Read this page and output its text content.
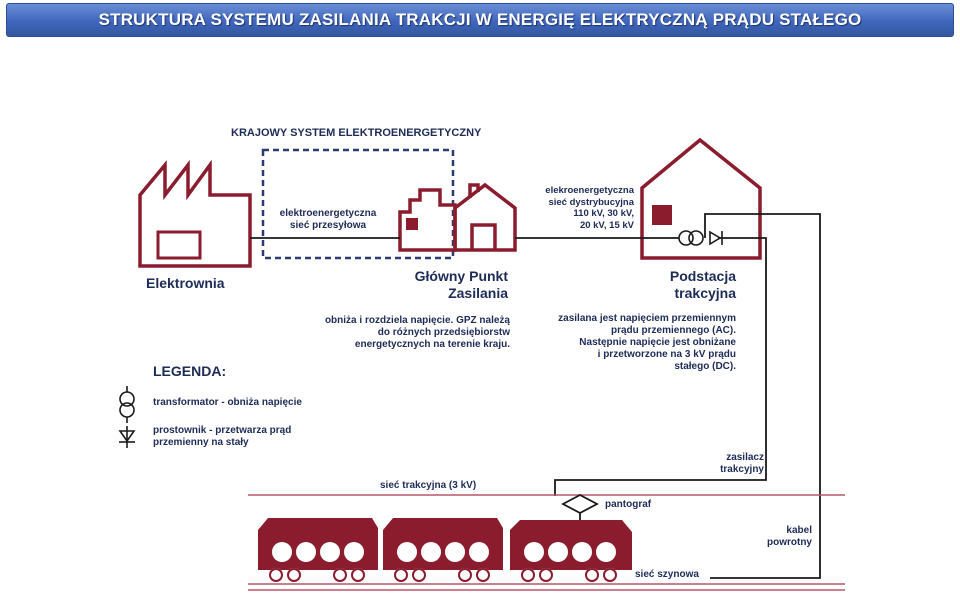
STRUKTURA SYSTEMU ZASILANIA TRAKCJI W ENERGIĘ ELEKTRYCZNĄ PRĄDU STAŁEGO
KRAJOWY SYSTEM ELEKTROENERGETYCZNY
elektroenergetyczna
sieć przesyłowa
elekroenergetyczna
sieć dystrybucyjna
110 kV, 30 kV,
20 kV, 15 kV
Elektrownia	Główny Punkt
Zasilania
obniża i rozdziela napięcie. GPZ należą
do różnych przedsiębiorstw
energetycznych na terenie kraju.
Podstacja
trakcyjna
zasilana jest napięciem przemiennym
prądu przemiennego (AC).
Następnie napięcie jest obniżane
i przetworzone na 3 kV prądu
stałego (DC).
LEGENDA:
transformator - obniża napięcie
prostownik - przetwarza prąd
przemienny na stały
zasilacz
trakcyjny
sieć trakcyjna (3 kV)
pantograf
kabel
powrotny
sieć szynowa
